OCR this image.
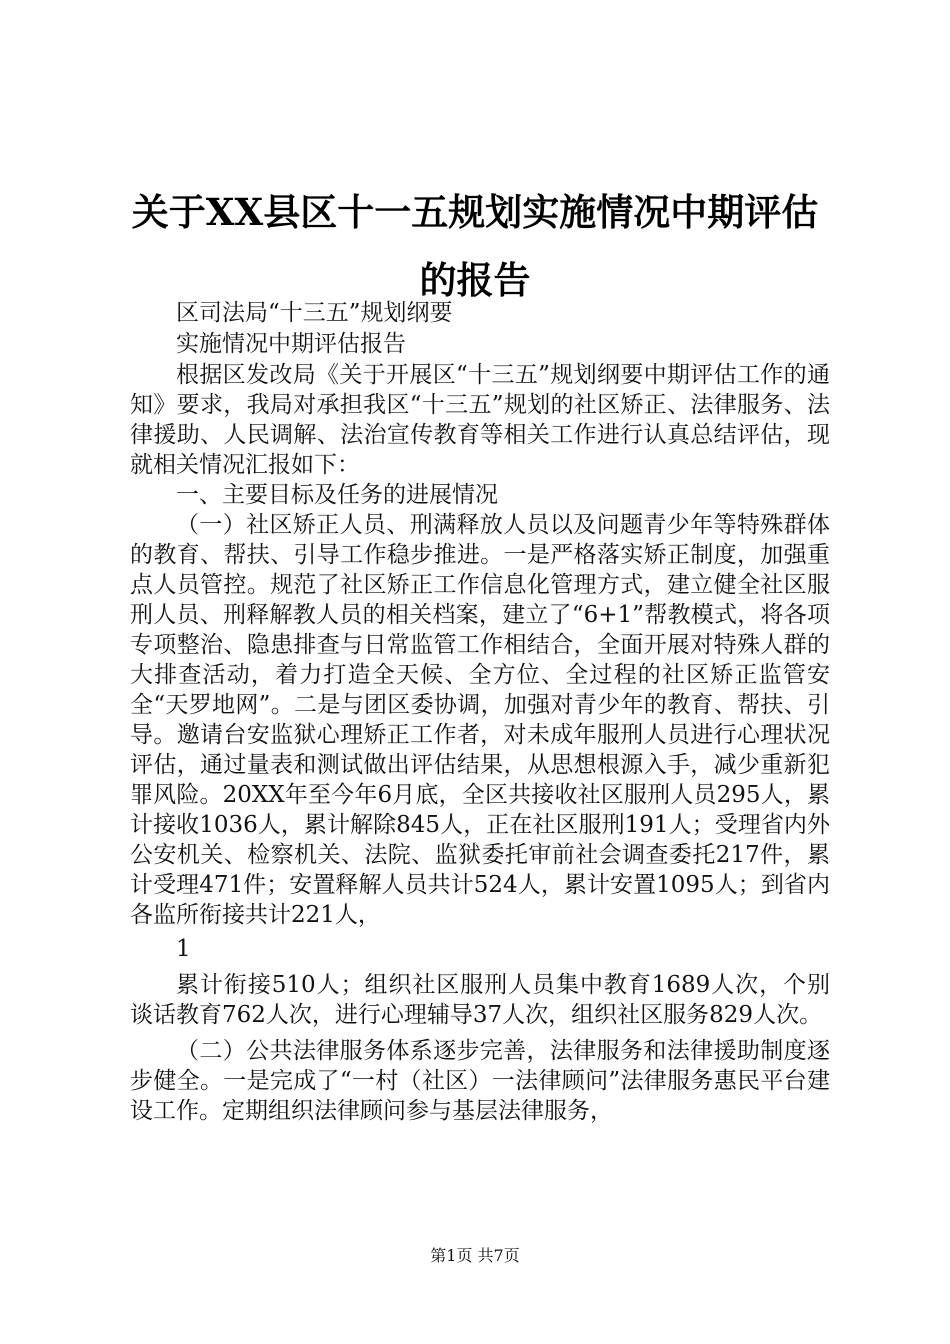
关于XX县区十一五规划实施情况中期评估的报告

区司法局“十三五”规划纲要

实施情况中期评估报告

根据区发改局《关于开展区“十三五”规划纲要中期评估工作的通知》要求，我局对承担我区“十三五”规划的社区矫正、法律服务、法律援助、人民调解、法治宣传教育等相关工作进行认真总结评估，现就相关情况汇报如下：

一、主要目标及任务的进展情况

（一）社区矫正人员、刑满释放人员以及问题青少年等特殊群体的教育、帮扶、引导工作稳步推进。一是严格落实矫正制度，加强重点人员管控。规范了社区矫正工作信息化管理方式，建立健全社区服刑人员、刑释解教人员的相关档案，建立了“6+1”帮教模式，将各项专项整治、隐患排查与日常监管工作相结合，全面开展对特殊人群的大排查活动，着力打造全天候、全方位、全过程的社区矫正监管安全“天罗地网”。二是与团区委协调，加强对青少年的教育、帮扶、引导。邀请台安监狱心理矫正工作者，对未成年服刑人员进行心理状况评估，通过量表和测试做出评估结果，从思想根源入手，减少重新犯罪风险。20XX年至今年6月底，全区共接收社区服刑人员295人，累计接收1036人，累计解除845人，正在社区服刑191人；受理省内外公安机关、检察机关、法院、监狱委托审前社会调查委托217件，累计受理471件；安置释解人员共计524人，累计安置1095人；到省内各监所衔接共计221人，

1

累计衔接510人；组织社区服刑人员集中教育1689人次，个别谈话教育762人次，进行心理辅导37人次，组织社区服务829人次。

（二）公共法律服务体系逐步完善，法律服务和法律援助制度逐步健全。一是完成了“一村（社区）一法律顾问”法律服务惠民平台建设工作。定期组织法律顾问参与基层法律服务，

第1页 共7页
